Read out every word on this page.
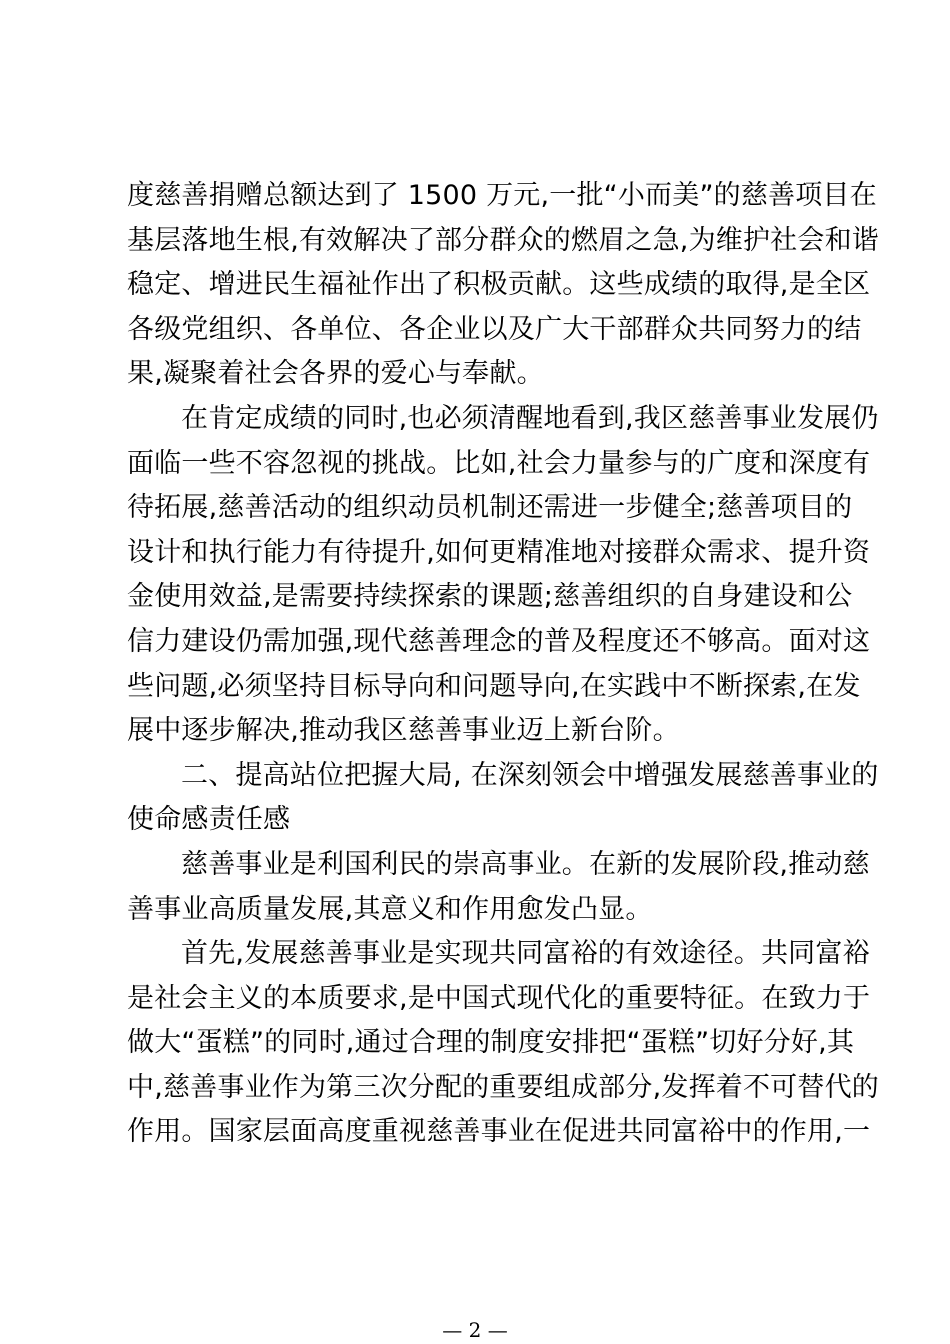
度慈善捐赠总额达到了 1500 万元,一批“小而美”的慈善项目在
基层落地生根,有效解决了部分群众的燃眉之急,为维护社会和谐
稳定、增进民生福祉作出了积极贡献。这些成绩的取得,是全区
各级党组织、各单位、各企业以及广大干部群众共同努力的结
果,凝聚着社会各界的爱心与奉献。
在肯定成绩的同时,也必须清醒地看到,我区慈善事业发展仍
面临一些不容忽视的挑战。比如,社会力量参与的广度和深度有
待拓展,慈善活动的组织动员机制还需进一步健全;慈善项目的
设计和执行能力有待提升,如何更精准地对接群众需求、提升资
金使用效益,是需要持续探索的课题;慈善组织的自身建设和公
信力建设仍需加强,现代慈善理念的普及程度还不够高。面对这
些问题,必须坚持目标导向和问题导向,在实践中不断探索,在发
展中逐步解决,推动我区慈善事业迈上新台阶。
二、提高站位把握大局, 在深刻领会中增强发展慈善事业的
使命感责任感
慈善事业是利国利民的崇高事业。在新的发展阶段,推动慈
善事业高质量发展,其意义和作用愈发凸显。
首先,发展慈善事业是实现共同富裕的有效途径。共同富裕
是社会主义的本质要求,是中国式现代化的重要特征。在致力于
做大“蛋糕”的同时,通过合理的制度安排把“蛋糕”切好分好,其
中,慈善事业作为第三次分配的重要组成部分,发挥着不可替代的
作用。国家层面高度重视慈善事业在促进共同富裕中的作用,一
— 2 —
